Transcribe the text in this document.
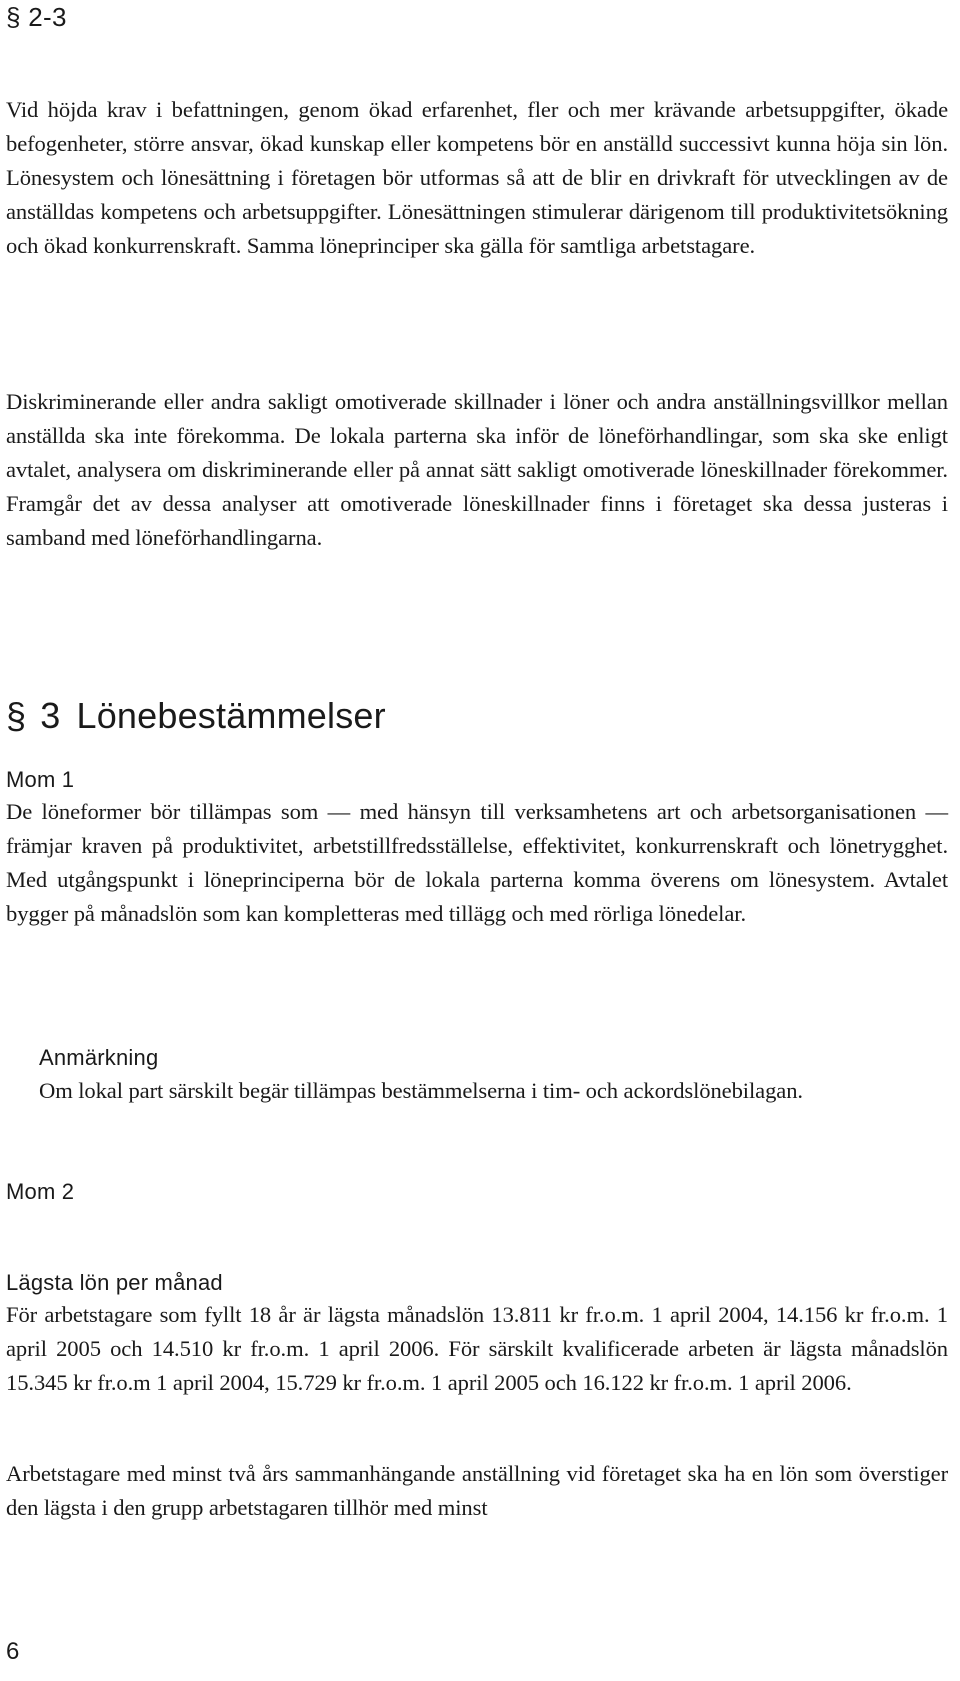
§ 2-3

Vid höjda krav i befattningen, genom ökad erfarenhet, fler och mer krävande arbetsuppgifter, ökade befogenheter, större ansvar, ökad kunskap eller kompetens bör en anställd successivt kunna höja sin lön. Lönesystem och lönesättning i företagen bör utformas så att de blir en drivkraft för utvecklingen av de anställdas kompetens och arbetsuppgifter. Lönesättningen stimulerar därigenom till produktivitetsökning och ökad konkurrenskraft. Samma löneprinciper ska gälla för samtliga arbetstagare.

Diskriminerande eller andra sakligt omotiverade skillnader i löner och andra anställningsvillkor mellan anställda ska inte förekomma. De lokala parterna ska inför de löneförhandlingar, som ska ske enligt avtalet, analysera om diskriminerande eller på annat sätt sakligt omotiverade löneskillnader förekommer. Framgår det av dessa analyser att omotiverade löneskillnader finns i företaget ska dessa justeras i samband med löneförhandlingarna.

§ 3 Lönebestämmelser
Mom 1

De löneformer bör tillämpas som — med hänsyn till verksamhetens art och arbetsorganisationen — främjar kraven på produktivitet, arbetstillfredsställelse, effektivitet, konkurrenskraft och lönetrygghet. Med utgångspunkt i löneprinciperna bör de lokala parterna komma överens om lönesystem. Avtalet bygger på månadslön som kan kompletteras med tillägg och med rörliga lönedelar.

Anmärkning

Om lokal part särskilt begär tillämpas bestämmelserna i tim- och ackordslönebilagan.

Mom 2
Lägsta lön per månad

För arbetstagare som fyllt 18 år är lägsta månadslön 13.811 kr fr.o.m. 1 april 2004, 14.156 kr fr.o.m. 1 april 2005 och 14.510 kr fr.o.m. 1 april 2006. För särskilt kvalificerade arbeten är lägsta månadslön 15.345 kr fr.o.m 1 april 2004, 15.729 kr fr.o.m. 1 april 2005 och 16.122 kr fr.o.m. 1 april 2006.

Arbetstagare med minst två års sammanhängande anställning vid företaget ska ha en lön som överstiger den lägsta i den grupp arbetstagaren tillhör med minst

6
